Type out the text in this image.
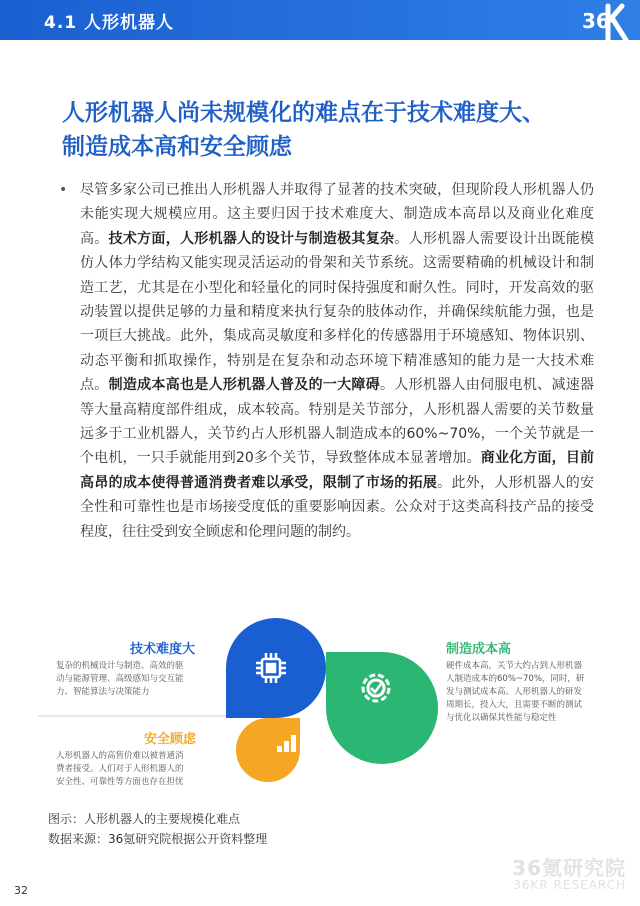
4.1 人形机器人	36
人形机器人尚未规模化的难点在于技术难度大、
制造成本高和安全顾虑
• 尽管多家公司已推出人形机器人并取得了显著的技术突破，但现阶段人形机器人仍未能实现大规模应用。这主要归因于技术难度大、制造成本高昂以及商业化难度高。技术方面，人形机器人的设计与制造极其复杂。人形机器人需要设计出既能模仿人体力学结构又能实现灵活运动的骨架和关节系统。这需要精确的机械设计和制造工艺，尤其是在小型化和轻量化的同时保持强度和耐久性。同时，开发高效的驱动装置以提供足够的力量和精度来执行复杂的肢体动作，并确保续航能力强，也是一项巨大挑战。此外，集成高灵敏度和多样化的传感器用于环境感知、物体识别、动态平衡和抓取操作，特别是在复杂和动态环境下精准感知的能力是一大技术难点。制造成本高也是人形机器人普及的一大障碍。人形机器人由伺服电机、减速器等大量高精度部件组成，成本较高。特别是关节部分，人形机器人需要的关节数量远多于工业机器人，关节约占人形机器人制造成本的60%~70%，一个关节就是一个电机，一只手就能用到20多个关节，导致整体成本显著增加。商业化方面，目前高昂的成本使得普通消费者难以承受，限制了市场的拓展。此外，人形机器人的安全性和可靠性也是市场接受度低的重要影响因素。公众对于这类高科技产品的接受程度，往往受到安全顾虑和伦理问题的制约。
技术难度大
复杂的机械设计与制造、高效的驱
动与能源管理、高级感知与交互能
力、智能算法与决策能力
制造成本高
硬件成本高，关节大约占到人形机器
人制造成本的60%~70%，同时，研
发与测试成本高。人形机器人的研发
周期长，投入大，且需要不断的测试
与优化以确保其性能与稳定性
安全顾虑
人形机器人的高售价难以被普通消
费者接受。人们对于人形机器人的
安全性、可靠性等方面也存在担忧
图示：人形机器人的主要规模化难点
数据来源：36氪研究院根据公开资料整理
36氪研究院
36KR RESEARCH
32
